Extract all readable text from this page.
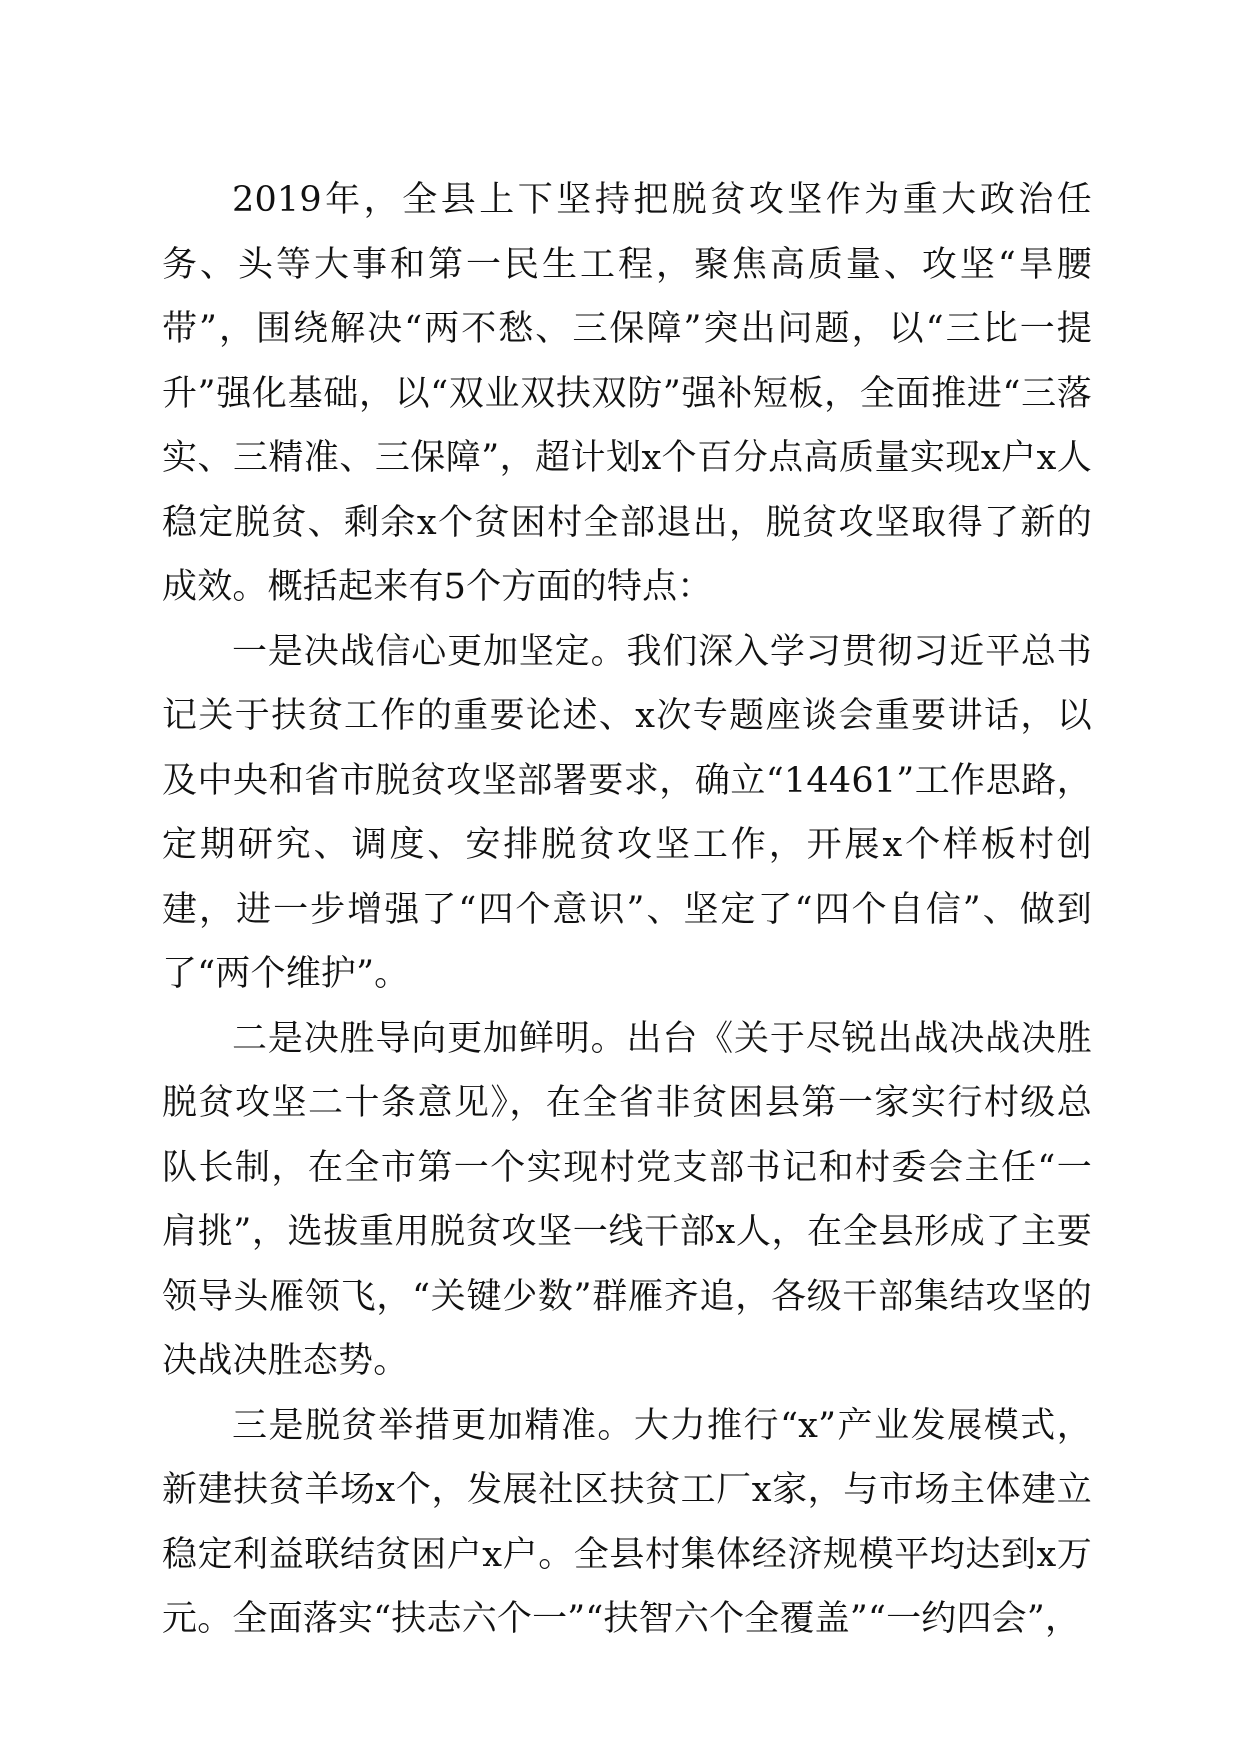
2019年，全县上下坚持把脱贫攻坚作为重大政治任务、头等大事和第一民生工程，聚焦高质量、攻坚“旱腰带”，围绕解决“两不愁、三保障”突出问题，以“三比一提升”强化基础，以“双业双扶双防”强补短板，全面推进“三落实、三精准、三保障”，超计划x个百分点高质量实现x户x人稳定脱贫、剩余x个贫困村全部退出，脱贫攻坚取得了新的成效。概括起来有5个方面的特点：

一是决战信心更加坚定。我们深入学习贯彻习近平总书记关于扶贫工作的重要论述、x次专题座谈会重要讲话，以及中央和省市脱贫攻坚部署要求，确立“14461”工作思路，定期研究、调度、安排脱贫攻坚工作，开展x个样板村创建，进一步增强了“四个意识”、坚定了“四个自信”、做到了“两个维护”。

二是决胜导向更加鲜明。出台《关于尽锐出战决战决胜脱贫攻坚二十条意见》，在全省非贫困县第一家实行村级总队长制，在全市第一个实现村党支部书记和村委会主任“一肩挑”，选拔重用脱贫攻坚一线干部x人，在全县形成了主要领导头雁领飞，“关键少数”群雁齐追，各级干部集结攻坚的决战决胜态势。

三是脱贫举措更加精准。大力推行“x”产业发展模式，新建扶贫羊场x个，发展社区扶贫工厂x家，与市场主体建立稳定利益联结贫困户x户。全县村集体经济规模平均达到x万元。全面落实“扶志六个一”“扶智六个全覆盖”“一约四会”，
